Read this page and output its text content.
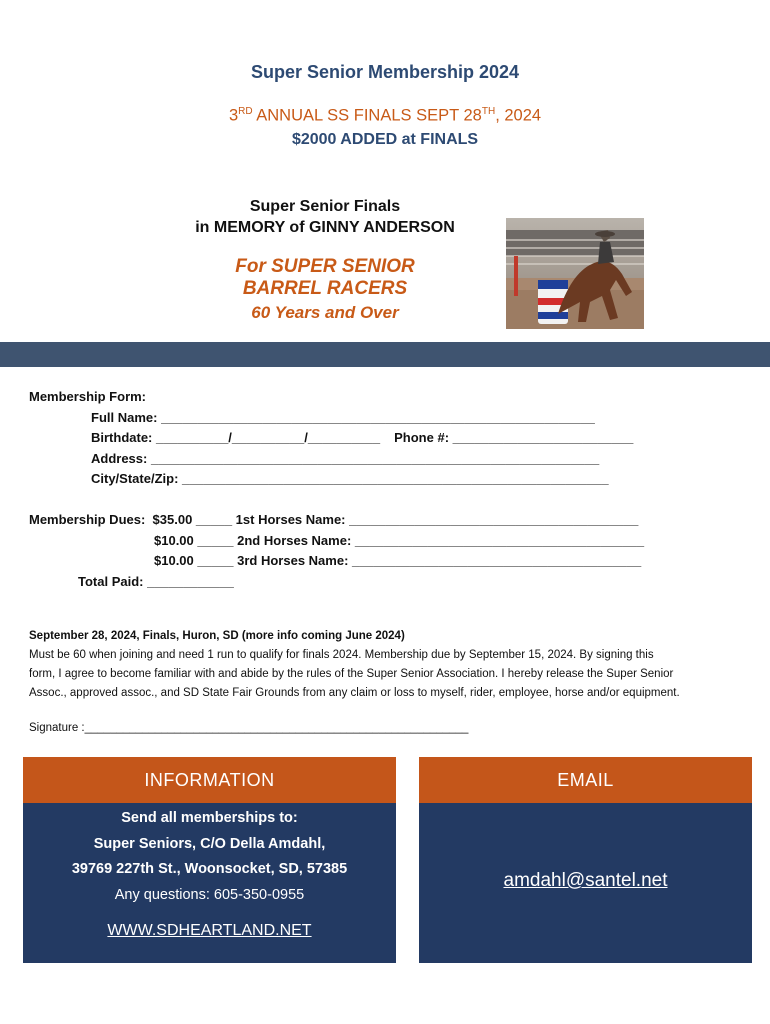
Super Senior Membership 2024
3RD ANNUAL SS FINALS SEPT 28TH, 2024
$2000 ADDED at FINALS
Super Senior Finals
in MEMORY of GINNY ANDERSON
For SUPER SENIOR
BARREL RACERS
60 Years and Over
Membership Form:
Full Name: ____________________________________________________________
Birthdate: __________/__________/__________ Phone #: _________________________
Address: ______________________________________________________________
City/State/Zip: ___________________________________________________________
Membership Dues: $35.00 _____ 1st Horses Name: ________________________________________
$10.00 _____ 2nd Horses Name: ________________________________________
$10.00 _____ 3rd Horses Name: ________________________________________
Total Paid: ____________
September 28, 2024, Finals, Huron, SD (more info coming June 2024)
Must be 60 when joining and need 1 run to qualify for finals 2024. Membership due by September 15, 2024. By signing this
form, I agree to become familiar with and abide by the rules of the Super Senior Association. I hereby release the Super Senior
Assoc., approved assoc., and SD State Fair Grounds from any claim or loss to myself, rider, employee, horse and/or equipment.
Signature :____________________________________________________________
INFORMATION
Send all memberships to:
Super Seniors, C/O Della Amdahl,
39769 227th St., Woonsocket, SD, 57385
Any questions: 605-350-0955
WWW.SDHEARTLAND.NET
EMAIL
amdahl@santel.net
